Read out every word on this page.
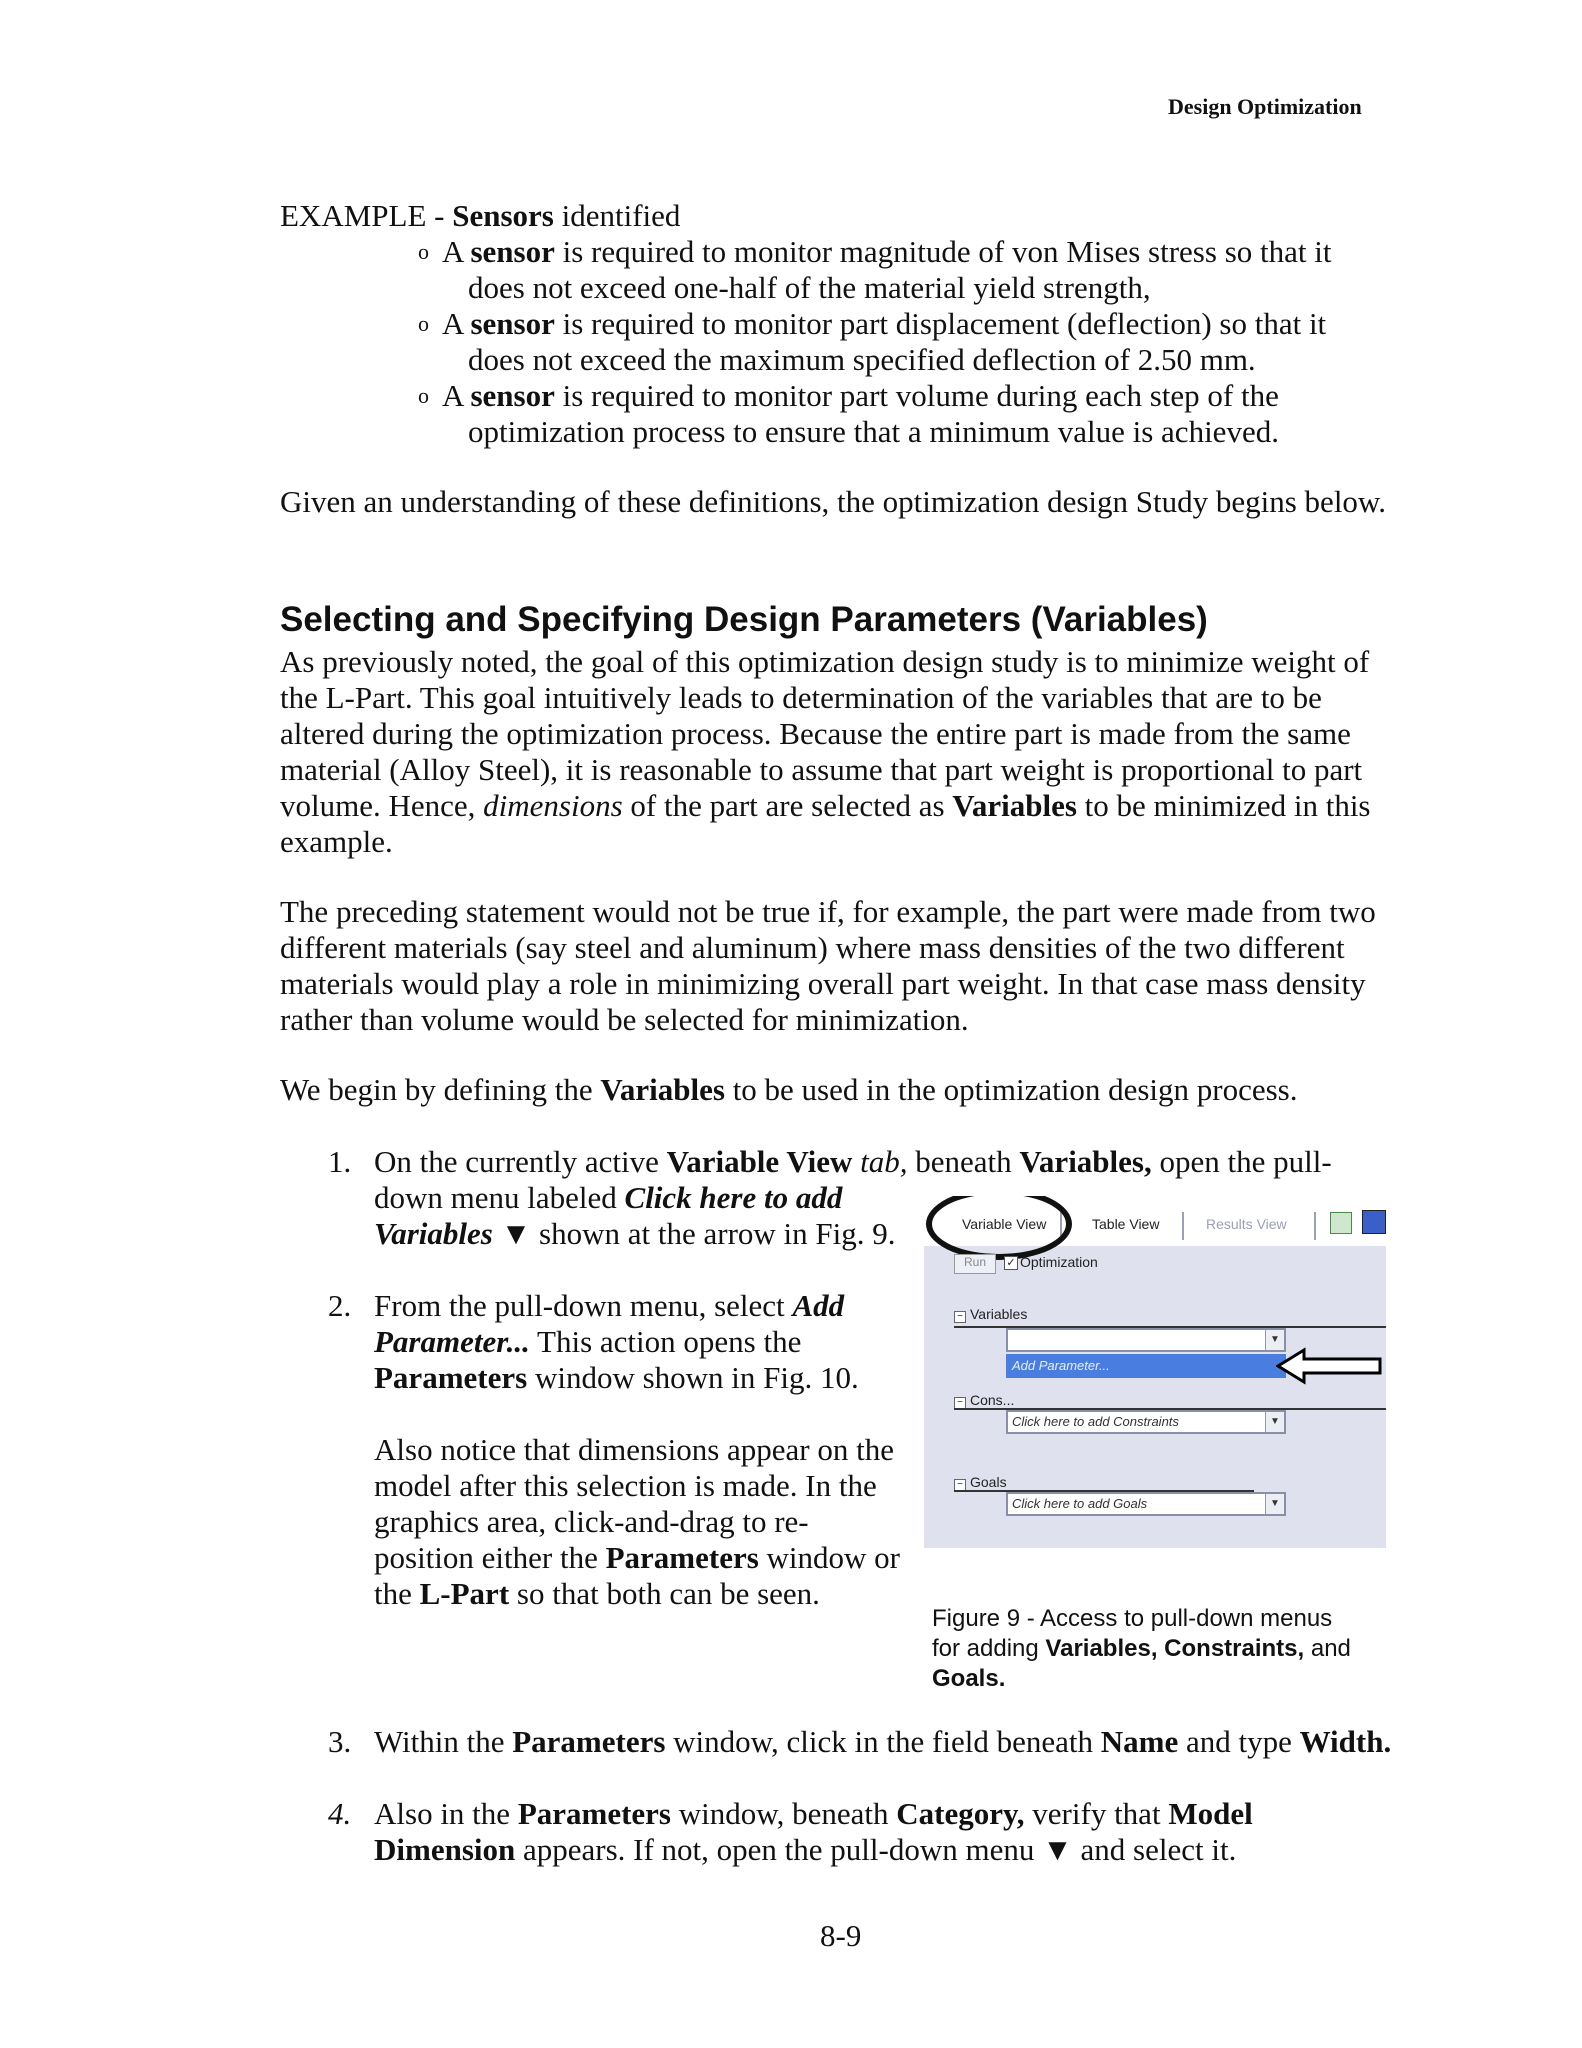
Design Optimization
EXAMPLE - Sensors identified
o A sensor is required to monitor magnitude of von Mises stress so that it
does not exceed one-half of the material yield strength,
o A sensor is required to monitor part displacement (deflection) so that it
does not exceed the maximum specified deflection of 2.50 mm.
o A sensor is required to monitor part volume during each step of the
optimization process to ensure that a minimum value is achieved.
Given an understanding of these definitions, the optimization design Study begins below.
Selecting and Specifying Design Parameters (Variables)
As previously noted, the goal of this optimization design study is to minimize weight of
the L-Part. This goal intuitively leads to determination of the variables that are to be
altered during the optimization process. Because the entire part is made from the same
material (Alloy Steel), it is reasonable to assume that part weight is proportional to part
volume. Hence, dimensions of the part are selected as Variables to be minimized in this
example.
The preceding statement would not be true if, for example, the part were made from two
different materials (say steel and aluminum) where mass densities of the two different
materials would play a role in minimizing overall part weight. In that case mass density
rather than volume would be selected for minimization.
We begin by defining the Variables to be used in the optimization design process.
1. On the currently active Variable View tab, beneath Variables, open the pull-
down menu labeled Click here to add
Variables ▼ shown at the arrow in Fig. 9.
2. From the pull-down menu, select Add
Parameter... This action opens the
Parameters window shown in Fig. 10.
Also notice that dimensions appear on the
model after this selection is made. In the
graphics area, click-and-drag to re-
position either the Parameters window or
the L-Part so that both can be seen.
Variable View	Table View	Results View
Run	✓ Optimization
− Variables
▼
Add Parameter...
− Cons...
Click here to add Constraints	▼
− Goals
Click here to add Goals	▼
Figure 9 - Access to pull-down menus
for adding Variables, Constraints, and
Goals.
3. Within the Parameters window, click in the field beneath Name and type Width.
4. Also in the Parameters window, beneath Category, verify that Model
Dimension appears. If not, open the pull-down menu ▼ and select it.
8-9
